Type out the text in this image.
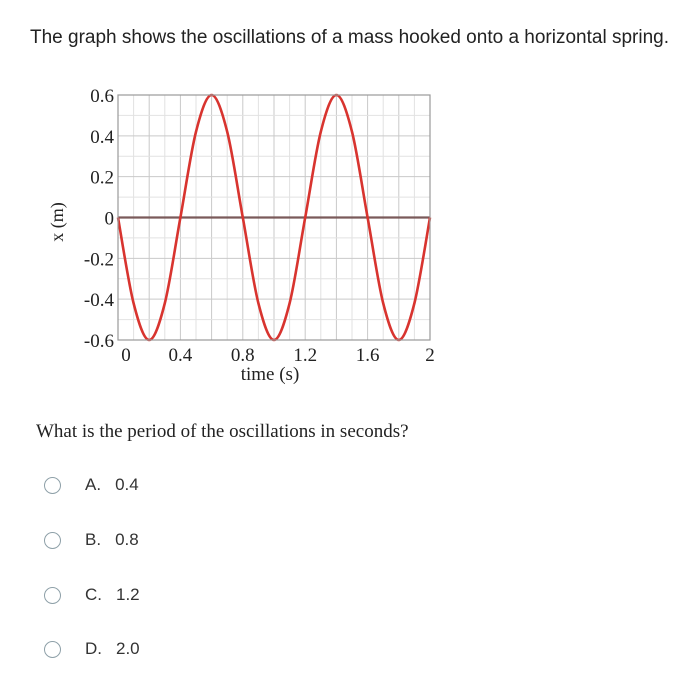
The graph shows the oscillations of a mass hooked onto a horizontal spring.

0.6
0.4
0.2
0
-0.2
-0.4
-0.6
0 0.4 0.8 1.2 1.6 2
time (s)
x (m)

What is the period of the oscillations in seconds?

A. 0.4
B. 0.8
C. 1.2
D. 2.0
